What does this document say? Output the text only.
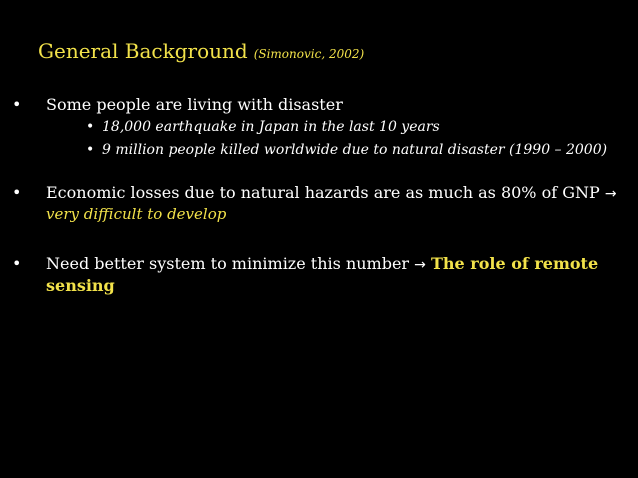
General Background (Simonovic, 2002)
• Some people are living with disaster
• 18,000 earthquake in Japan in the last 10 years
• 9 million people killed worldwide due to natural disaster (1990 – 2000)
• Economic losses due to natural hazards are as much as 80% of GNP →
very difficult to develop
• Need better system to minimize this number → The role of remote
sensing
